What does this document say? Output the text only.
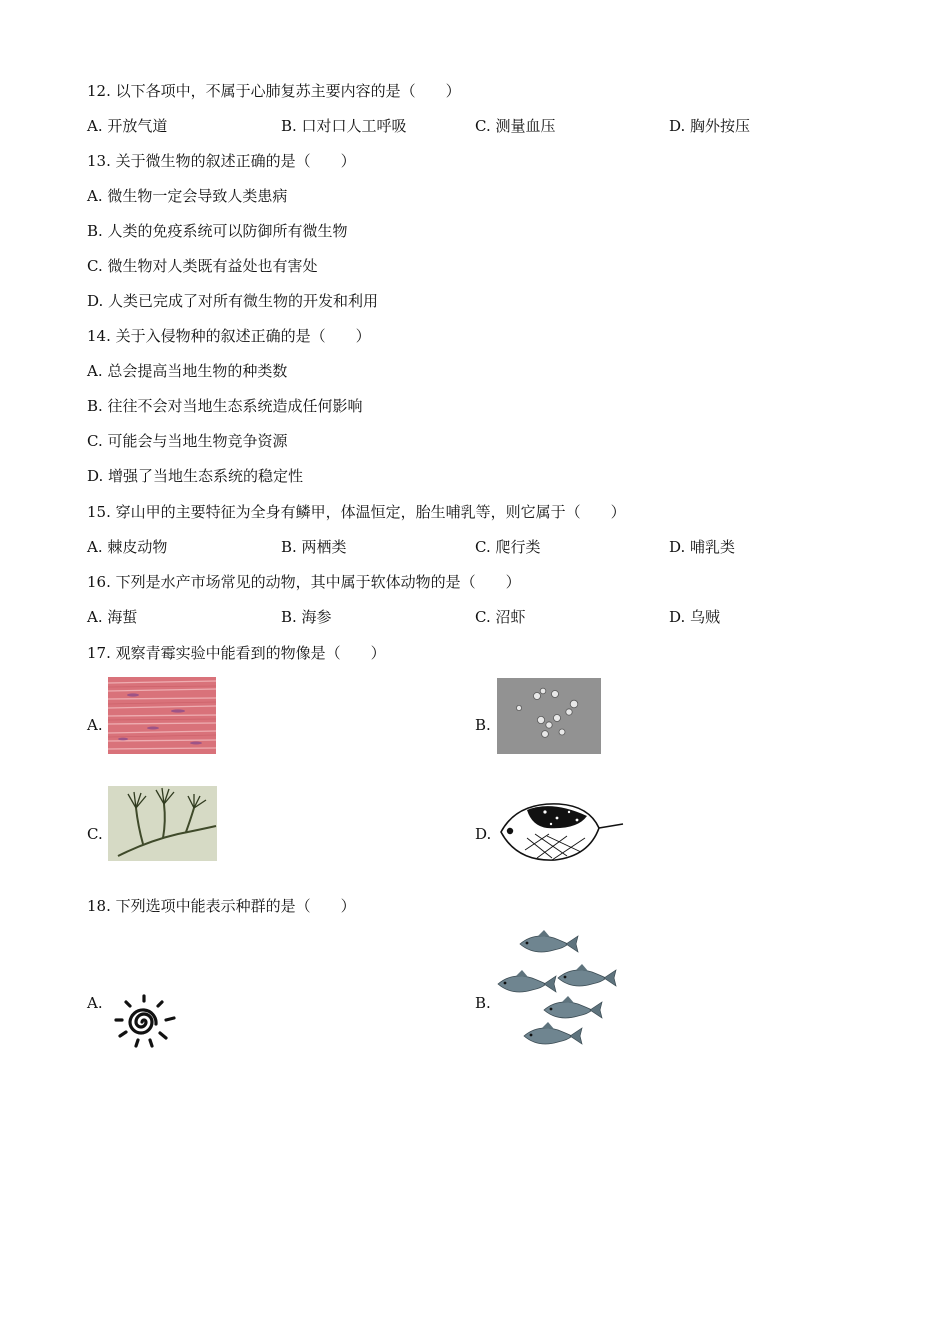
12. 以下各项中，不属于心肺复苏主要内容的是（　　）
A. 开放气道	B. 口对口人工呼吸	C. 测量血压	D. 胸外按压
13. 关于微生物的叙述正确的是（　　）
A. 微生物一定会导致人类患病
B. 人类的免疫系统可以防御所有微生物
C. 微生物对人类既有益处也有害处
D. 人类已完成了对所有微生物的开发和利用
14. 关于入侵物种的叙述正确的是（　　）
A. 总会提高当地生物的种类数
B. 往往不会对当地生态系统造成任何影响
C. 可能会与当地生物竞争资源
D. 增强了当地生态系统的稳定性
15. 穿山甲的主要特征为全身有鳞甲，体温恒定，胎生哺乳等，则它属于（　　）
A. 棘皮动物	B. 两栖类	C. 爬行类	D. 哺乳类
16. 下列是水产市场常见的动物，其中属于软体动物的是（　　）
A. 海蜇	B. 海参	C. 沼虾	D. 乌贼
17. 观察青霉实验中能看到的物像是（　　）
A.	B.
C.	D.
18. 下列选项中能表示种群的是（　　）
A.	B.
